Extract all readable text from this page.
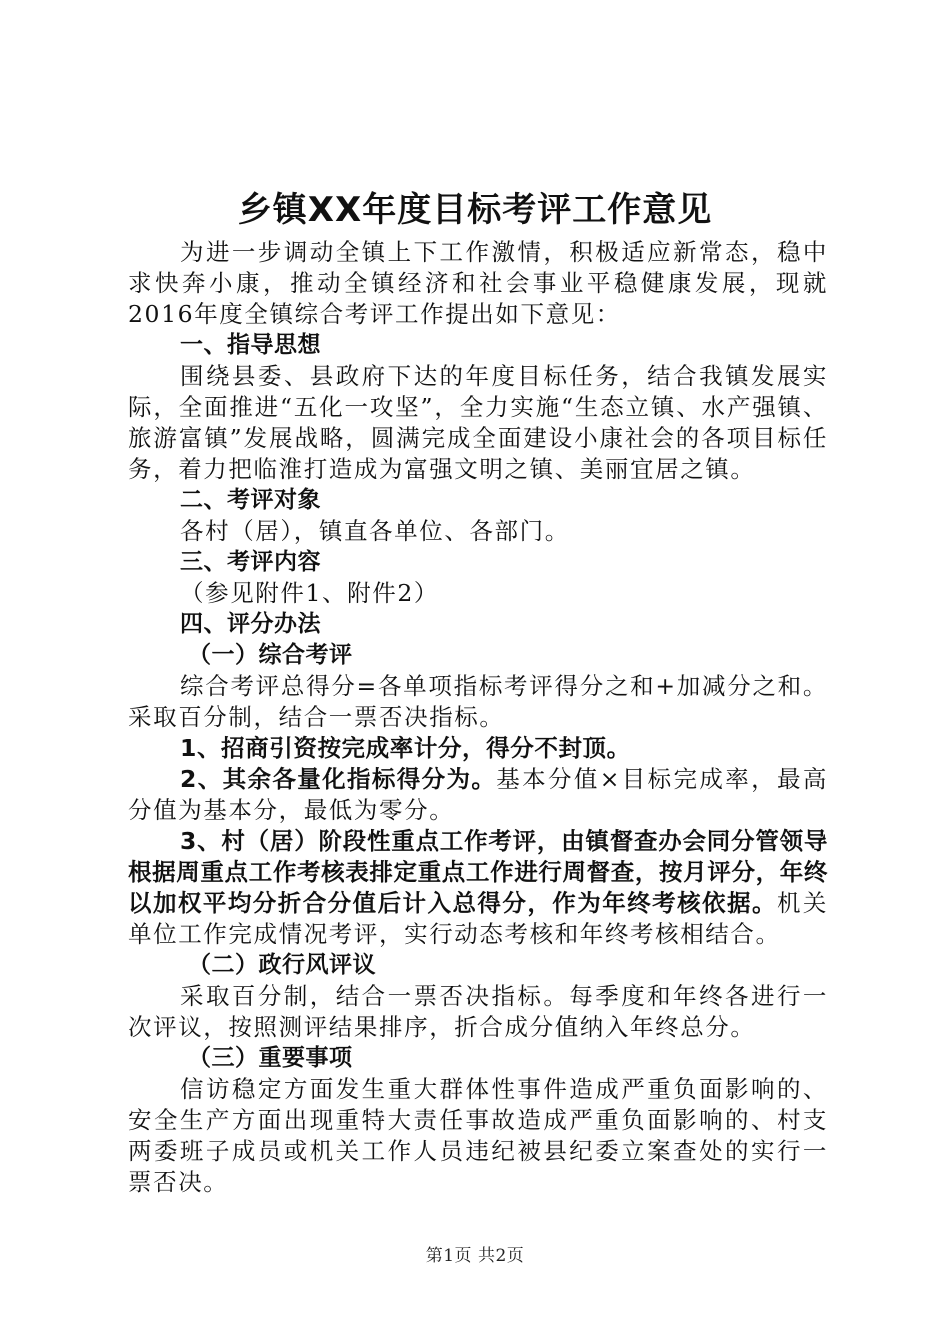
乡镇XX年度目标考评工作意见

为进一步调动全镇上下工作激情，积极适应新常态，稳中求快奔小康，推动全镇经济和社会事业平稳健康发展，现就2016年度全镇综合考评工作提出如下意见：

一、指导思想

围绕县委、县政府下达的年度目标任务，结合我镇发展实际，全面推进“五化一攻坚”，全力实施“生态立镇、水产强镇、旅游富镇”发展战略，圆满完成全面建设小康社会的各项目标任务，着力把临淮打造成为富强文明之镇、美丽宜居之镇。

二、考评对象

各村（居），镇直各单位、各部门。

三、考评内容

（参见附件1、附件2）

四、评分办法

（一）综合考评

综合考评总得分=各单项指标考评得分之和+加减分之和。采取百分制，结合一票否决指标。

1、招商引资按完成率计分，得分不封顶。

2、其余各量化指标得分为。基本分值×目标完成率，最高分值为基本分，最低为零分。

3、村（居）阶段性重点工作考评，由镇督查办会同分管领导根据周重点工作考核表排定重点工作进行周督查，按月评分，年终以加权平均分折合分值后计入总得分，作为年终考核依据。机关单位工作完成情况考评，实行动态考核和年终考核相结合。

（二）政行风评议

采取百分制，结合一票否决指标。每季度和年终各进行一次评议，按照测评结果排序，折合成分值纳入年终总分。

（三）重要事项

信访稳定方面发生重大群体性事件造成严重负面影响的、安全生产方面出现重特大责任事故造成严重负面影响的、村支两委班子成员或机关工作人员违纪被县纪委立案查处的实行一票否决。

第1页 共2页
